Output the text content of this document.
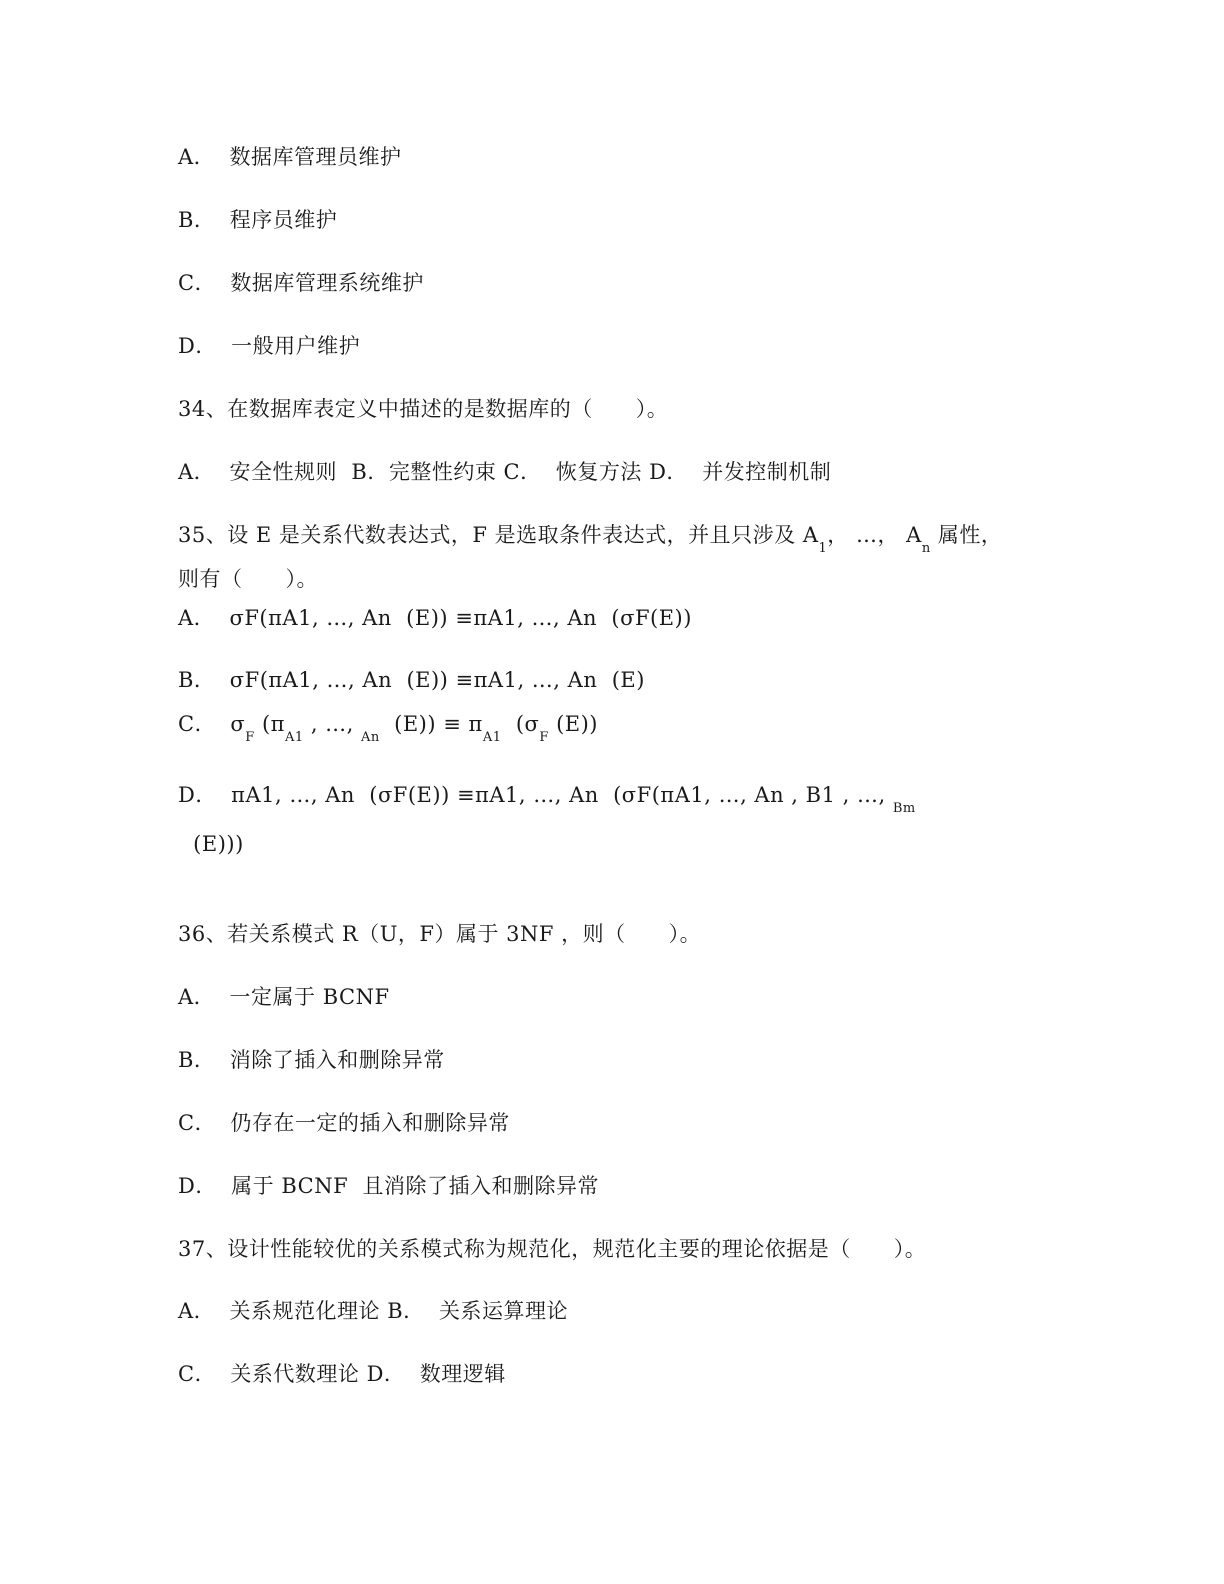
A．  数据库管理员维护
B．  程序员维护
C．  数据库管理系统维护
D．  一般用户维护
34、在数据库表定义中描述的是数据库的（　　）。
A．  安全性规则  B.  完整性约束 C．  恢复方法 D．  并发控制机制
35、设 E 是关系代数表达式，F 是选取条件表达式，并且只涉及 $A_1$， …， $A_n$ 属性，
则有（　　）。
A．  σF(πA1, …, An  (E)) ≡πA1, …, An  (σF(E))
B．  σF(πA1, …, An  (E)) ≡πA1, …, An  (E)
C．  $\sigma_F$ ($\pi_{A1}$ , …, $_{An}$  $(E)) \equiv \pi_{A1}$  ($\sigma_F$ (E))
D．  πA1, …, An  (σF(E)) ≡πA1, …, An  (σF(πA1, …, An , B1 , …, $_{Bm}$
(E)))
36、若关系模式 R（U，F）属于 3NF ，则（　　）。
A．  一定属于 BCNF
B．  消除了插入和删除异常
C．  仍存在一定的插入和删除异常
D．  属于 BCNF  且消除了插入和删除异常
37、设计性能较优的关系模式称为规范化，规范化主要的理论依据是（　　）。
A．  关系规范化理论 B．  关系运算理论
C．  关系代数理论 D．  数理逻辑
